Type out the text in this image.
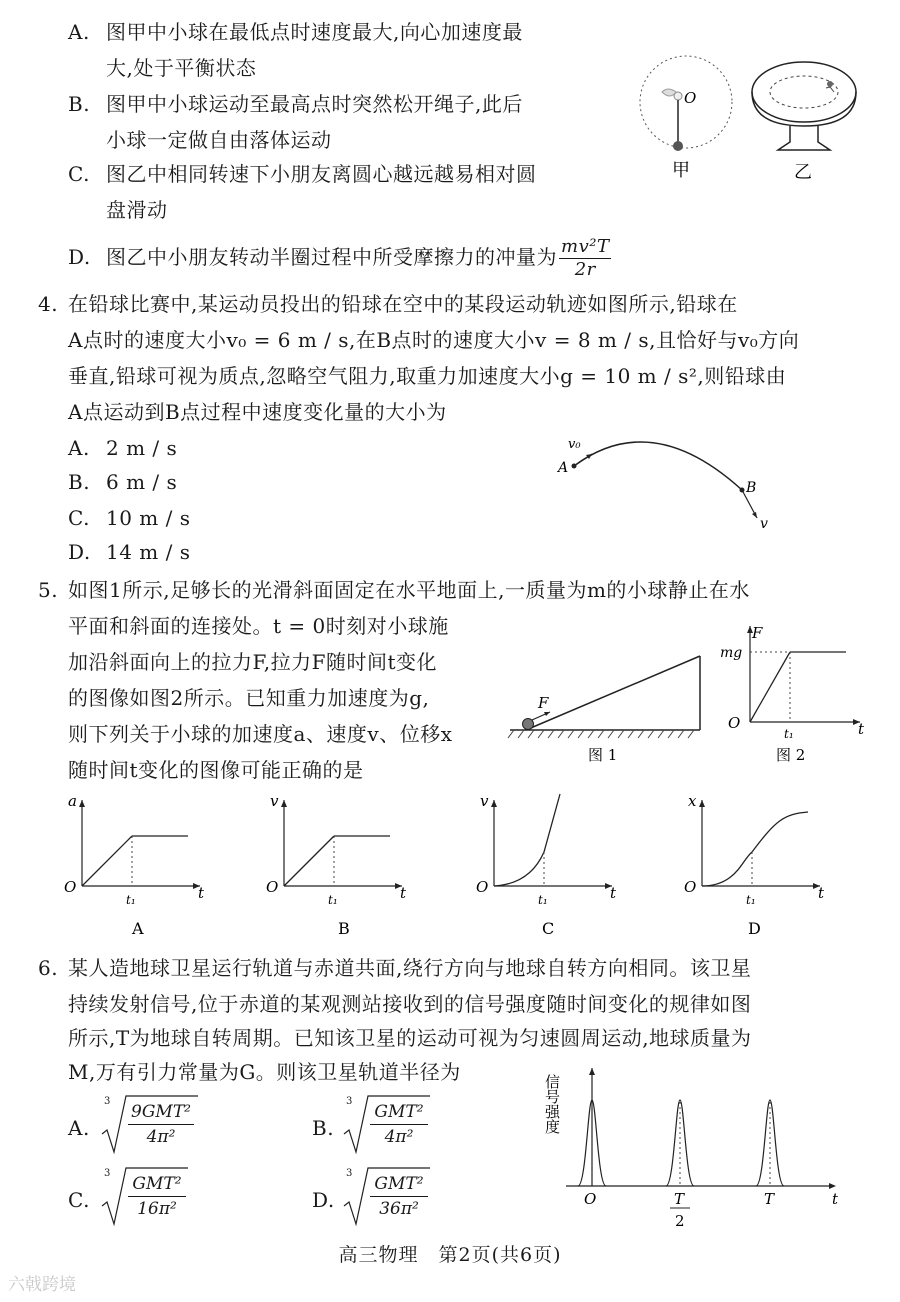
A. 图甲中小球在最低点时速度最大,向心加速度最
大,处于平衡状态
B. 图甲中小球运动至最高点时突然松开绳子,此后
小球一定做自由落体运动
C. 图乙中相同转速下小朋友离圆心越远越易相对圆
盘滑动
D. 图乙中小朋友转动半圈过程中所受摩擦力的冲量为 $\frac{\text{mv²T}}{2r}$
O
甲	乙
4. 在铅球比赛中,某运动员投出的铅球在空中的某段运动轨迹如图所示,铅球在
A点时的速度大小v₀ = 6 m / s,在B点时的速度大小v = 8 m / s,且恰好与v₀方向
垂直,铅球可视为质点,忽略空气阻力,取重力加速度大小g = 10 m / s²,则铅球由
A点运动到B点过程中速度变化量的大小为
A. 2 m / s
B. 6 m / s
C. 10 m / s
D. 14 m / s
v₀
A
B
v
5. 如图1所示,足够长的光滑斜面固定在水平地面上,一质量为m的小球静止在水
平面和斜面的连接处。t = 0时刻对小球施
加沿斜面向上的拉力F,拉力F随时间t变化
的图像如图2所示。已知重力加速度为g,
则下列关于小球的加速度a、速度v、位移x
随时间t变化的图像可能正确的是
F
图 1
F
mg
O
t₁	t
图 2
a
O
t₁	t
A
v
O
t₁	t
B
v
O
t₁	t
C
x
O
t₁	t
D
6. 某人造地球卫星运行轨道与赤道共面,绕行方向与地球自转方向相同。该卫星
持续发射信号,位于赤道的某观测站接收到的信号强度随时间变化的规律如图
所示,T为地球自转周期。已知该卫星的运动可视为匀速圆周运动,地球质量为
M,万有引力常量为G。则该卫星轨道半径为
A.
3
9GMT²
4π²	B.
3
GMT²
4π²
C.
3
GMT²
16π²	D.
3
GMT²
36π²
信号强度
O	T
2
T	t
高三物理　第2页(共6页)
六戟跨境
